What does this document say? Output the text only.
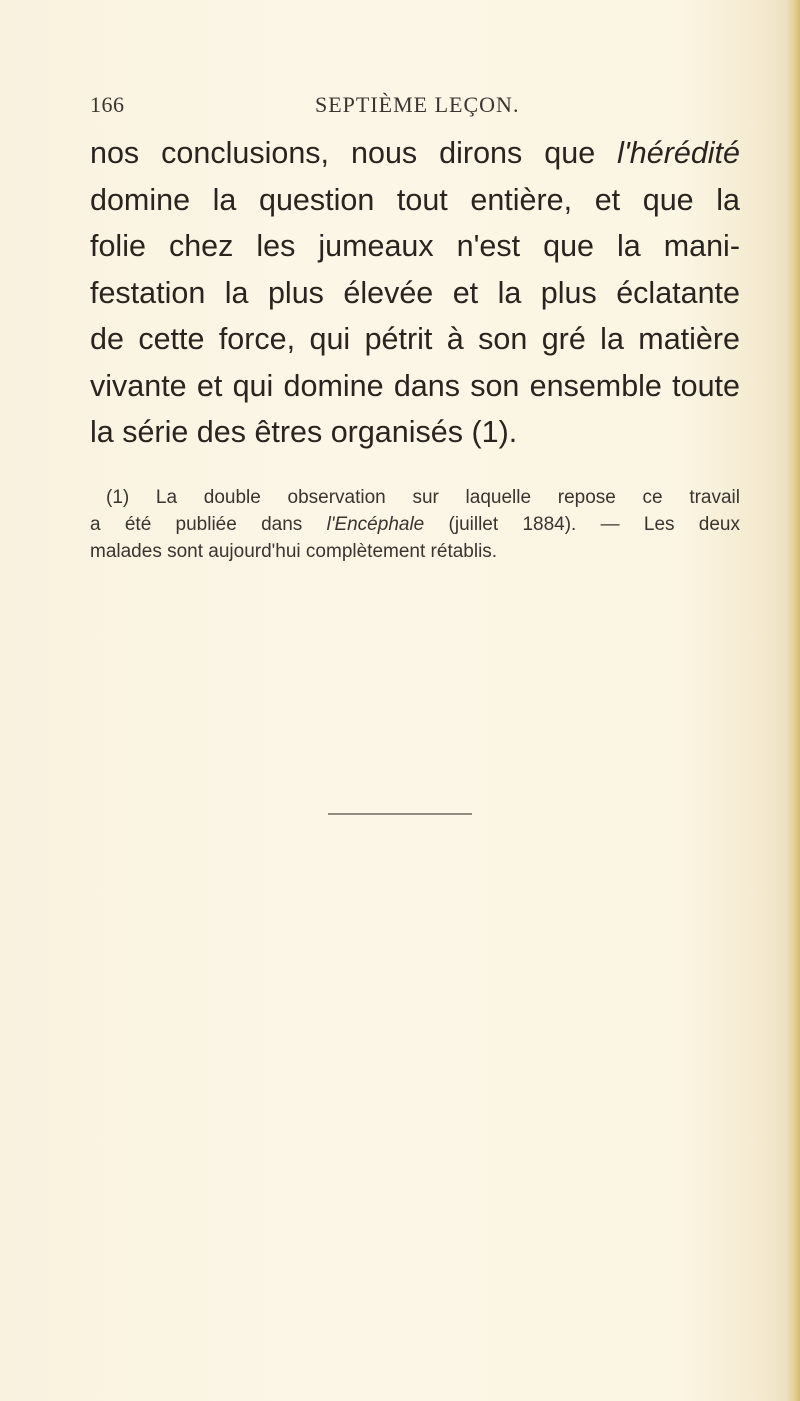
166	SEPTIÈME LEÇON.
nos conclusions, nous dirons que l'hérédité
domine la question tout entière, et que la
folie chez les jumeaux n'est que la mani-
festation la plus élevée et la plus éclatante
de cette force, qui pétrit à son gré la matière
vivante et qui domine dans son ensemble toute
la série des êtres organisés (1).
(1) La double observation sur laquelle repose ce travail
a été publiée dans l'Encéphale (juillet 1884). — Les deux
malades sont aujourd'hui complètement rétablis.
